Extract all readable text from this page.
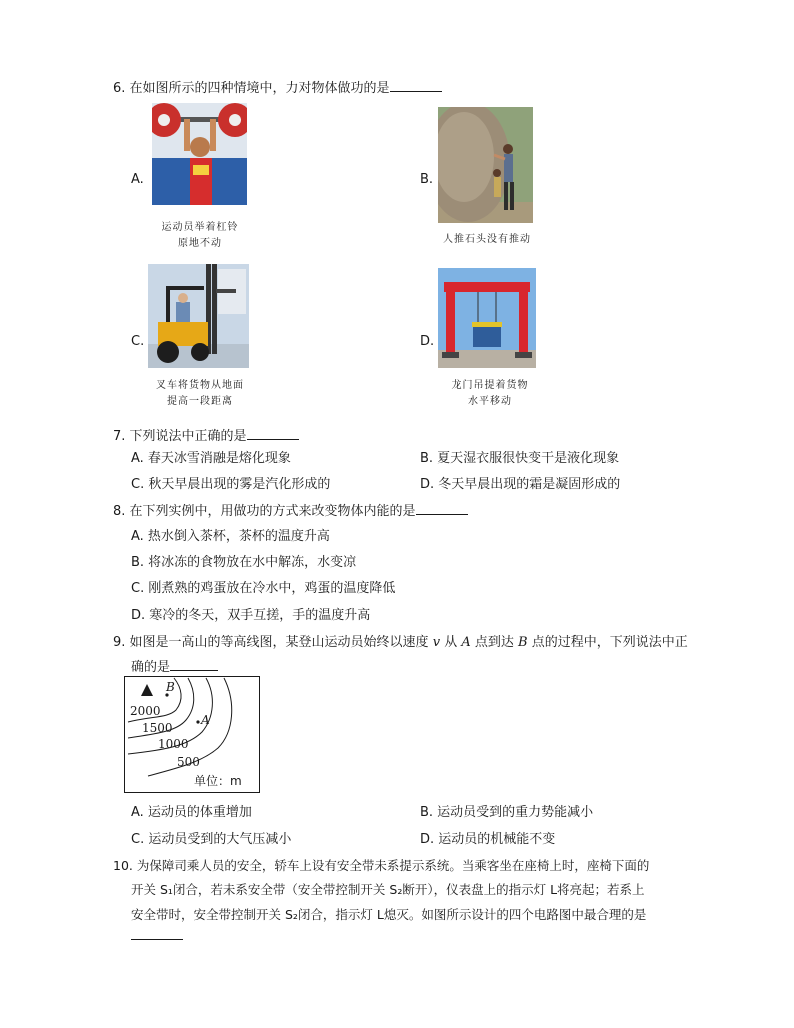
6. 在如图所示的四种情境中，力对物体做功的是
A.
运动员举着杠铃
原地不动
B.
人推石头没有推动
C.
叉车将货物从地面
提高一段距离
D.
龙门吊提着货物
水平移动
7. 下列说法中正确的是
A. 春天冰雪消融是熔化现象	B. 夏天湿衣服很快变干是液化现象
C. 秋天早晨出现的雾是汽化形成的	D. 冬天早晨出现的霜是凝固形成的
8. 在下列实例中，用做功的方式来改变物体内能的是
A. 热水倒入茶杯，茶杯的温度升高
B. 将冰冻的食物放在水中解冻，水变凉
C. 刚煮熟的鸡蛋放在冷水中，鸡蛋的温度降低
D. 寒冷的冬天，双手互搓，手的温度升高
9. 如图是一高山的等高线图，某登山运动员始终以速度 v 从 A 点到达 B 点的过程中，下列说法中正
确的是
B
A
2000
1500
1000
500
单位：m
A. 运动员的体重增加	B. 运动员受到的重力势能减小
C. 运动员受到的大气压减小	D. 运动员的机械能不变
10. 为保障司乘人员的安全，轿车上设有安全带未系提示系统。当乘客坐在座椅上时，座椅下面的
开关 S₁闭合，若未系安全带（安全带控制开关 S₂断开），仪表盘上的指示灯 L将亮起；若系上
安全带时，安全带控制开关 S₂闭合，指示灯 L熄灭。如图所示设计的四个电路图中最合理的是
